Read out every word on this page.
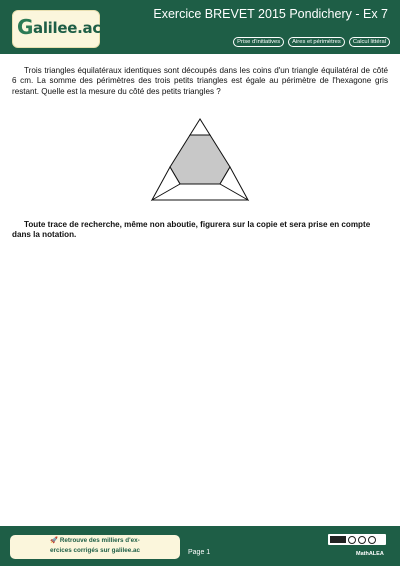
G alilee.ac
Exercice BREVET 2015 Pondichery - Ex 7
Prise d'initiatives	Aires et périmètres	Calcul littéral

Trois triangles équilatéraux identiques sont découpés dans les coins d'un triangle équilatéral de côté 6 cm. La somme des périmètres des trois petits triangles est égale au périmètre de l'hexagone gris restant. Quelle est la mesure du côté des petits triangles ?

Toute trace de recherche, même non aboutie, figurera sur la copie et sera prise en compte dans la notation.

🚀 Retrouve des milliers d'ex-
ercices corrigés sur galilee.ac	Page 1	MathALEA
